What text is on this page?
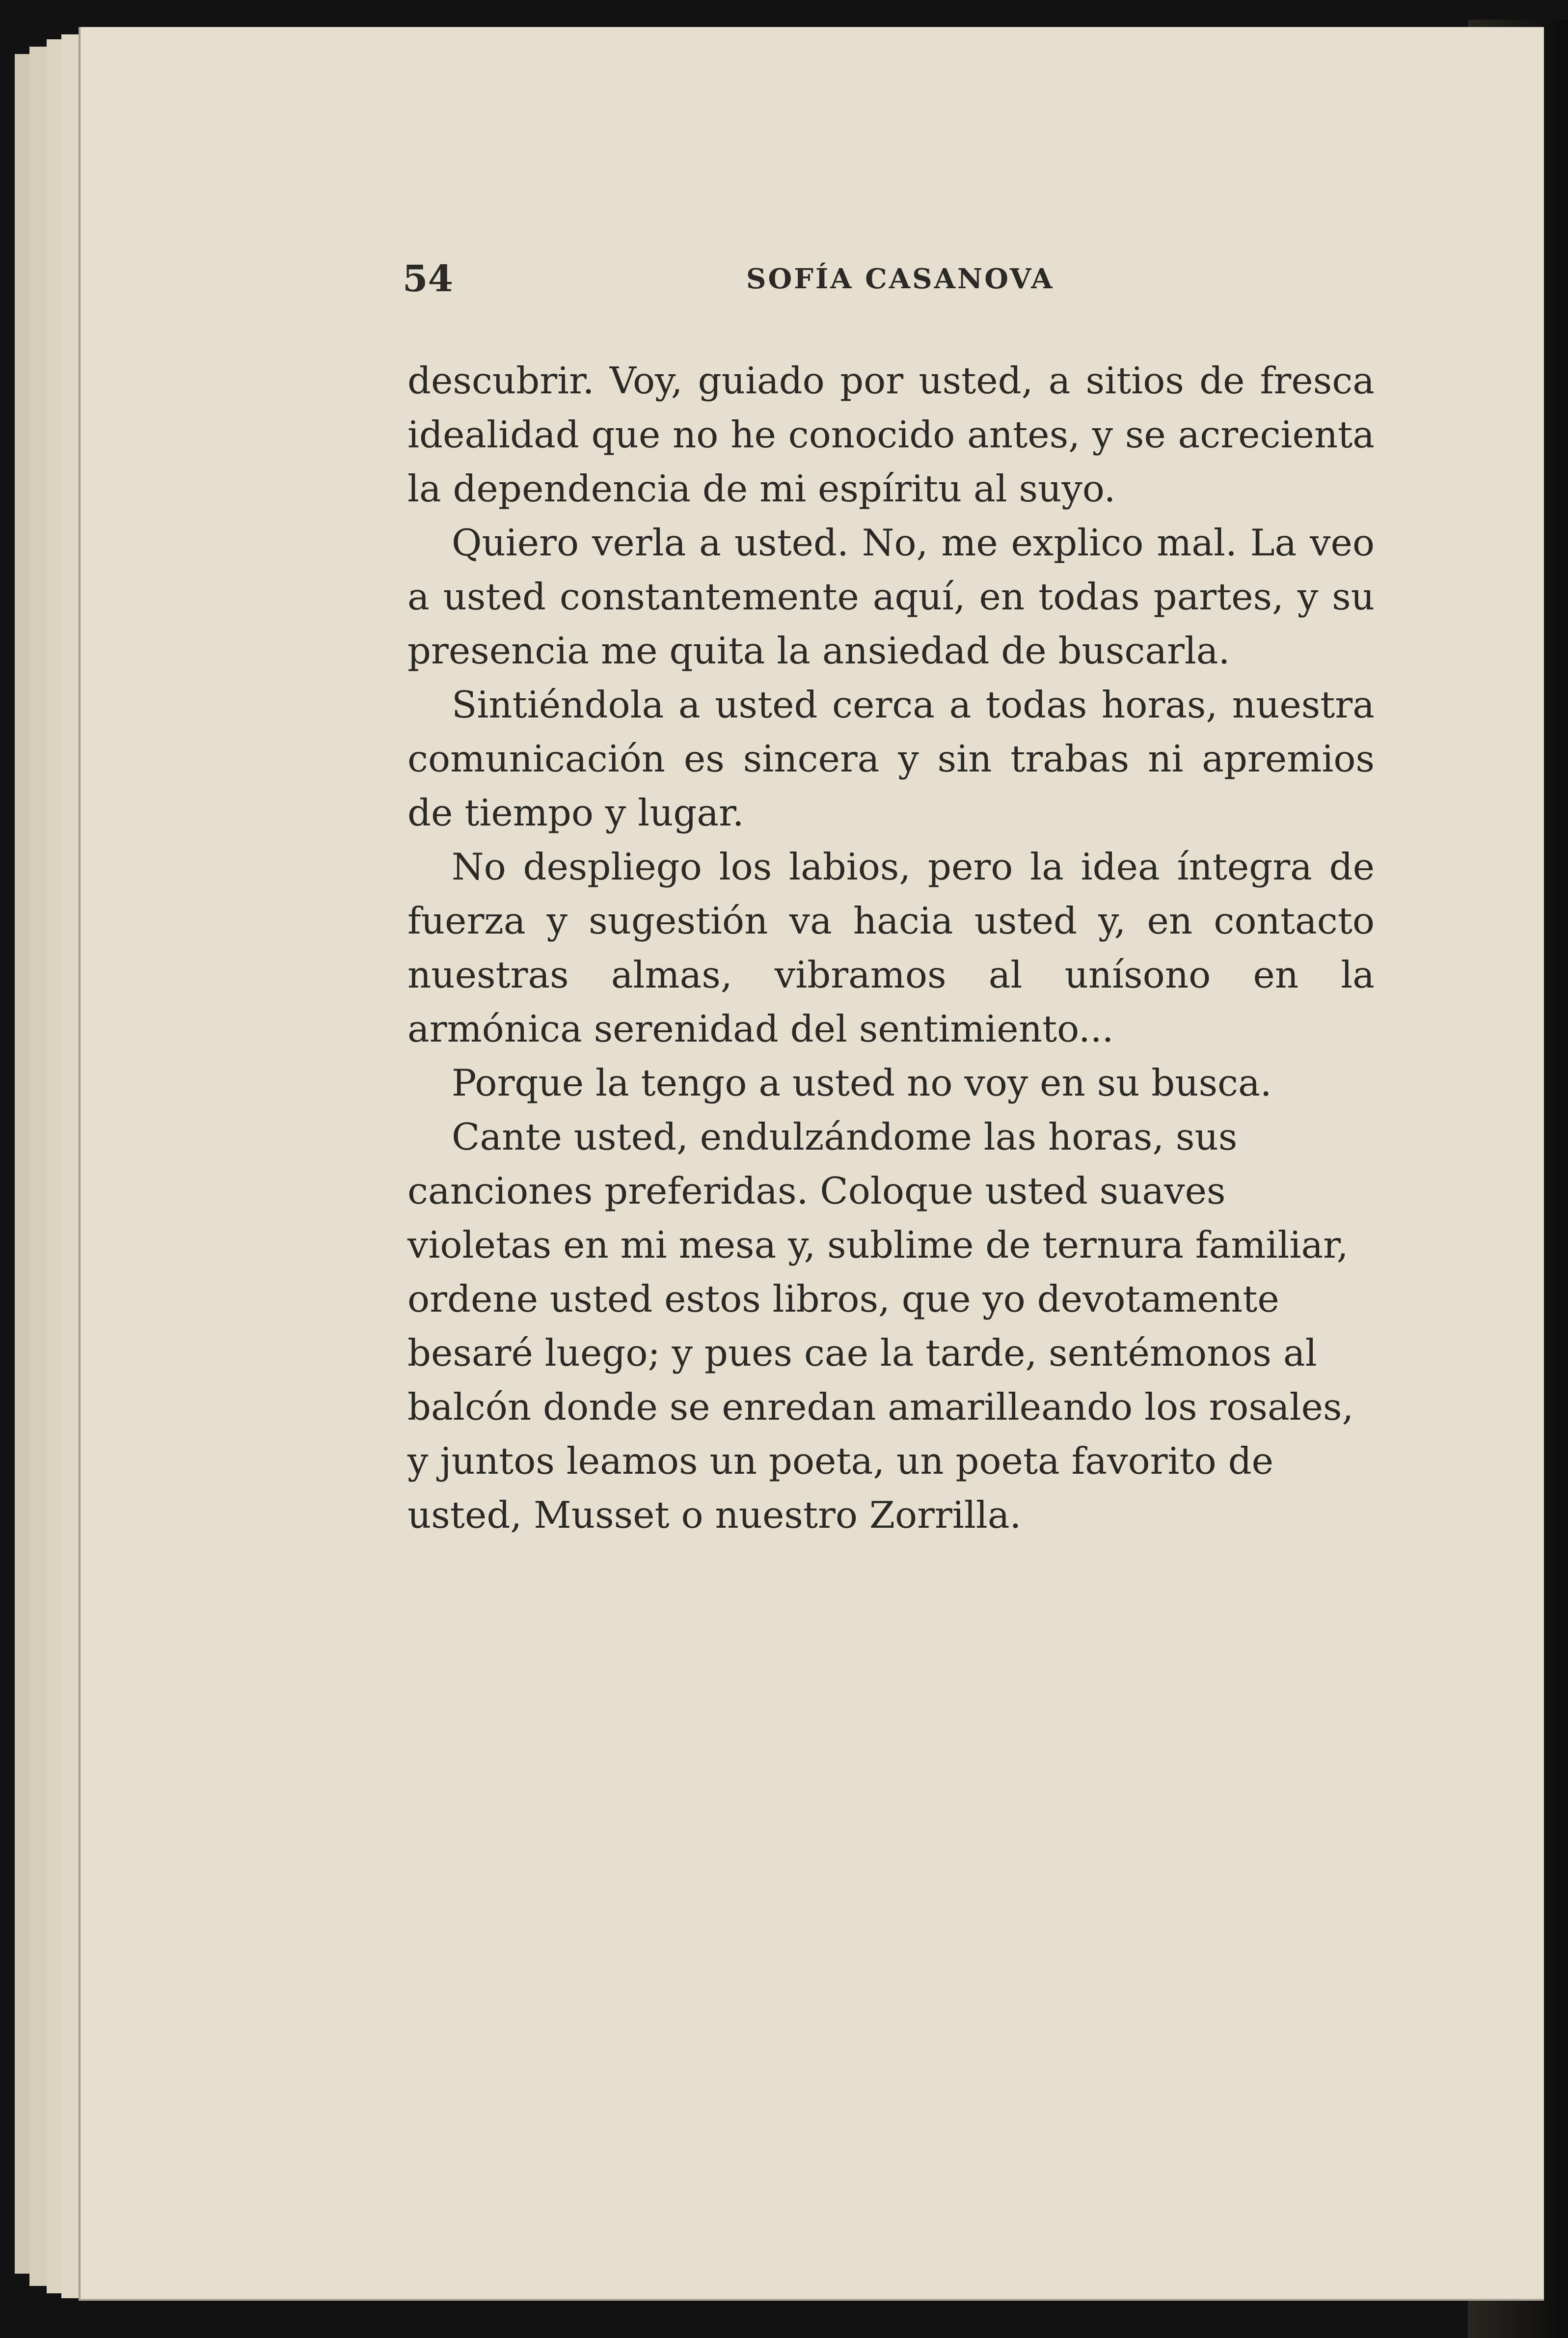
54	SOFÍA CASANOVA

descubrir. Voy, guiado por usted, a sitios de fresca idealidad que no he conocido antes, y se acrecienta la dependencia de mi espíritu al suyo.

Quiero verla a usted. No, me explico mal. La veo a usted constantemente aquí, en todas partes, y su presencia me quita la ansiedad de buscarla.

Sintiéndola a usted cerca a todas horas, nuestra comunicación es sincera y sin trabas ni apremios de tiempo y lugar.

No despliego los labios, pero la idea íntegra de fuerza y sugestión va hacia usted y, en contacto nuestras almas, vibramos al unísono en la armónica serenidad del sentimiento...

Porque la tengo a usted no voy en su busca.

Cante usted, endulzándome las horas, sus canciones preferidas. Coloque usted suaves violetas en mi mesa y, sublime de ternura familiar, ordene usted estos libros, que yo devotamente besaré luego; y pues cae la tarde, sentémonos al balcón donde se enredan amarilleando los rosales, y juntos leamos un poeta, un poeta favorito de usted, Musset o nuestro Zorrilla.
